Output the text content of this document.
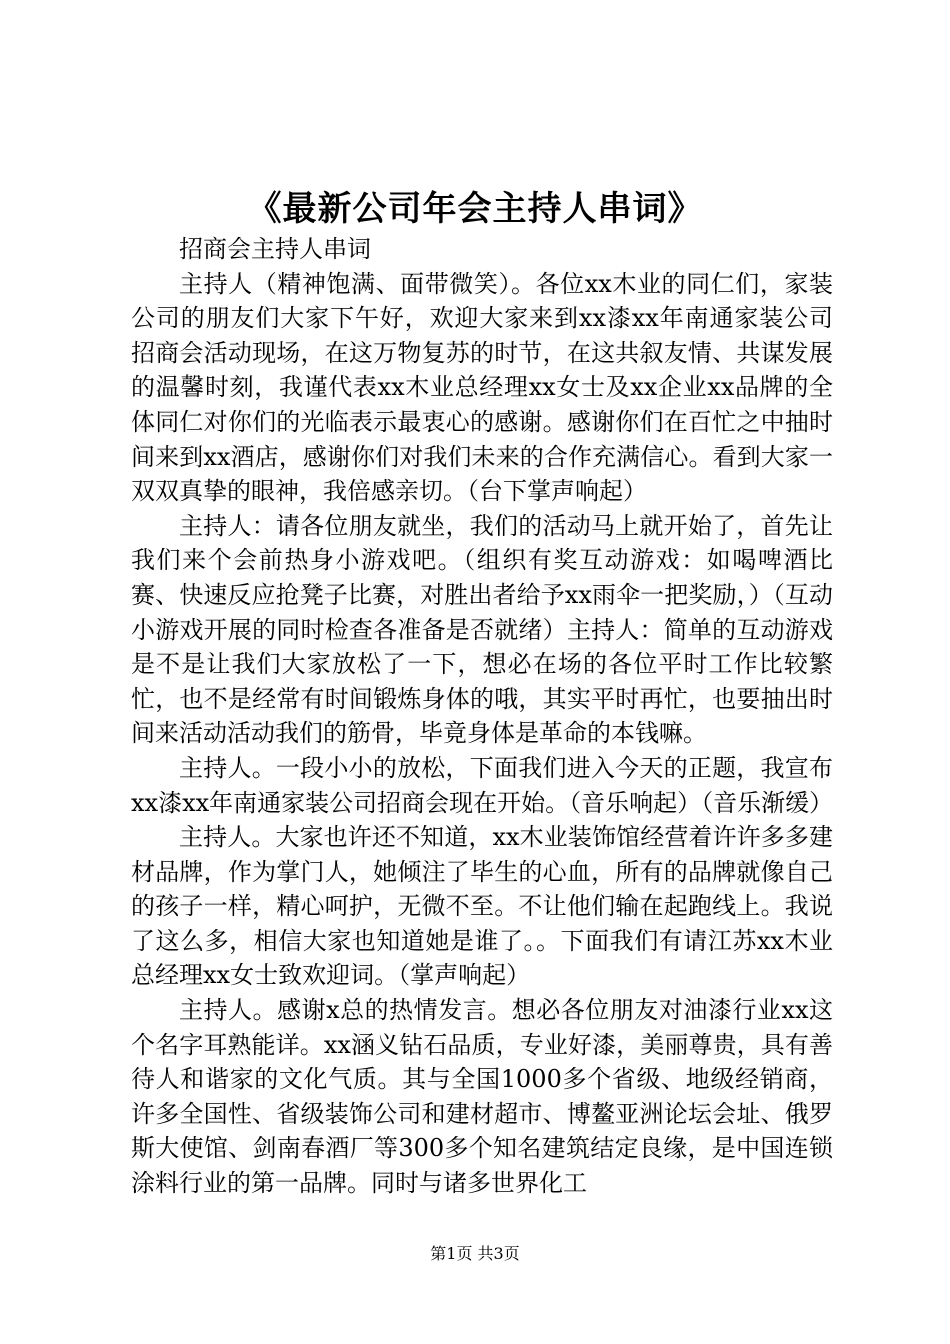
《最新公司年会主持人串词》

招商会主持人串词

主持人（精神饱满、面带微笑）。各位xx木业的同仁们，家装公司的朋友们大家下午好，欢迎大家来到xx漆xx年南通家装公司招商会活动现场，在这万物复苏的时节，在这共叙友情、共谋发展的温馨时刻，我谨代表xx木业总经理xx女士及xx企业xx品牌的全体同仁对你们的光临表示最衷心的感谢。感谢你们在百忙之中抽时间来到xx酒店，感谢你们对我们未来的合作充满信心。看到大家一双双真挚的眼神，我倍感亲切。（台下掌声响起）

主持人：请各位朋友就坐，我们的活动马上就开始了，首先让我们来个会前热身小游戏吧。（组织有奖互动游戏：如喝啤酒比赛、快速反应抢凳子比赛，对胜出者给予xx雨伞一把奖励，）（互动小游戏开展的同时检查各准备是否就绪）主持人：简单的互动游戏是不是让我们大家放松了一下，想必在场的各位平时工作比较繁忙，也不是经常有时间锻炼身体的哦，其实平时再忙，也要抽出时间来活动活动我们的筋骨，毕竟身体是革命的本钱嘛。

主持人。一段小小的放松，下面我们进入今天的正题，我宣布xx漆xx年南通家装公司招商会现在开始。（音乐响起）（音乐渐缓）

主持人。大家也许还不知道，xx木业装饰馆经营着许许多多建材品牌，作为掌门人，她倾注了毕生的心血，所有的品牌就像自己的孩子一样，精心呵护，无微不至。不让他们输在起跑线上。我说了这么多，相信大家也知道她是谁了。。下面我们有请江苏xx木业总经理xx女士致欢迎词。（掌声响起）

主持人。感谢x总的热情发言。想必各位朋友对油漆行业xx这个名字耳熟能详。xx涵义钻石品质，专业好漆，美丽尊贵，具有善待人和谐家的文化气质。其与全国1000多个省级、地级经销商，许多全国性、省级装饰公司和建材超市、博鳌亚洲论坛会址、俄罗斯大使馆、剑南春酒厂等300多个知名建筑结定良缘，是中国连锁涂料行业的第一品牌。同时与诸多世界化工

第1页 共3页
